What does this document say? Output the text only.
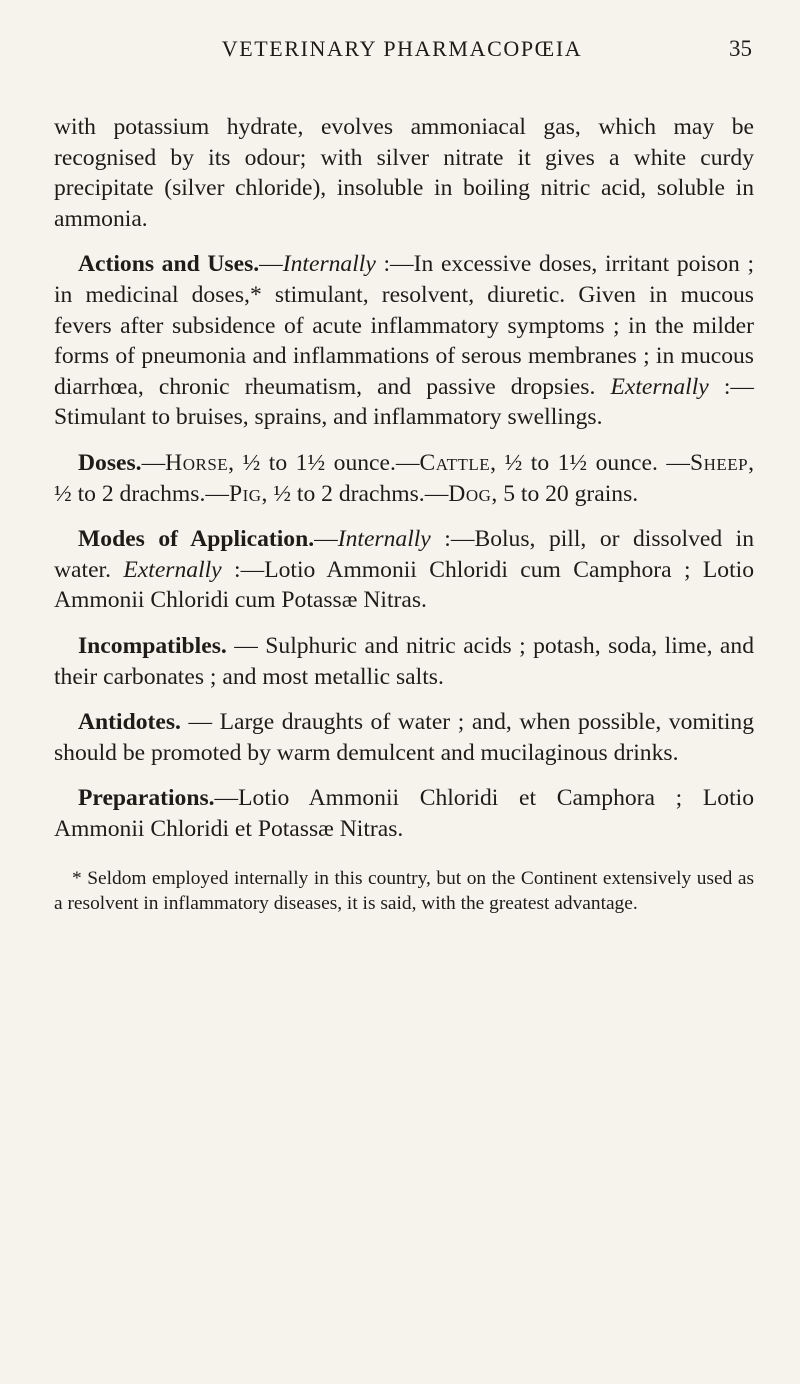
VETERINARY PHARMACOPŒIA	35

with potassium hydrate, evolves ammoniacal gas, which may be recognised by its odour; with silver nitrate it gives a white curdy precipitate (silver chloride), insoluble in boiling nitric acid, soluble in ammonia.

Actions and Uses.—Internally :—In excessive doses, irritant poison ; in medicinal doses,* stimulant, resolvent, diuretic. Given in mucous fevers after subsidence of acute inflammatory symptoms ; in the milder forms of pneumonia and inflammations of serous membranes ; in mucous diarrhœa, chronic rheumatism, and passive dropsies. Externally :—Stimulant to bruises, sprains, and inflammatory swellings.

Doses.—Horse, ½ to 1½ ounce.—Cattle, ½ to 1½ ounce. —Sheep, ½ to 2 drachms.—Pig, ½ to 2 drachms.—Dog, 5 to 20 grains.

Modes of Application.—Internally :—Bolus, pill, or dissolved in water. Externally :—Lotio Ammonii Chloridi cum Camphora ; Lotio Ammonii Chloridi cum Potassæ Nitras.

Incompatibles. — Sulphuric and nitric acids ; potash, soda, lime, and their carbonates ; and most metallic salts.

Antidotes. — Large draughts of water ; and, when possible, vomiting should be promoted by warm demulcent and mucilaginous drinks.

Preparations.—Lotio Ammonii Chloridi et Camphora ; Lotio Ammonii Chloridi et Potassæ Nitras.

* Seldom employed internally in this country, but on the Continent extensively used as a resolvent in inflammatory diseases, it is said, with the greatest advantage.
